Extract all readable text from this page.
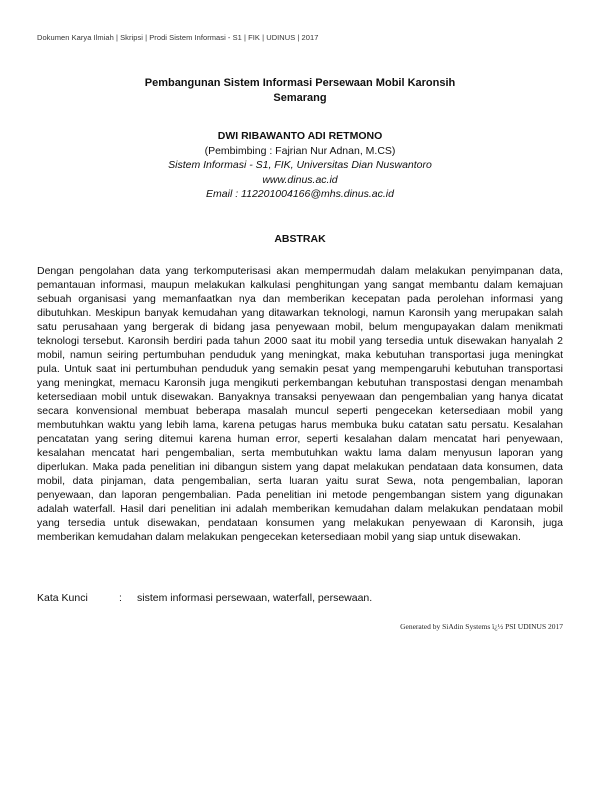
Dokumen Karya Ilmiah | Skripsi | Prodi Sistem Informasi - S1 | FIK | UDINUS | 2017
Pembangunan Sistem Informasi Persewaan Mobil Karonsih
Semarang
DWI RIBAWANTO ADI RETMONO
(Pembimbing : Fajrian Nur Adnan, M.CS)
Sistem Informasi - S1, FIK, Universitas Dian Nuswantoro
www.dinus.ac.id
Email : 112201004166@mhs.dinus.ac.id
ABSTRAK
Dengan pengolahan data yang terkomputerisasi akan mempermudah dalam melakukan penyimpanan data, pemantauan informasi, maupun melakukan kalkulasi penghitungan yang sangat membantu dalam kemajuan sebuah organisasi yang memanfaatkan nya dan memberikan kecepatan pada perolehan informasi yang dibutuhkan. Meskipun banyak kemudahan yang ditawarkan teknologi, namun Karonsih yang merupakan salah satu perusahaan yang bergerak di bidang jasa penyewaan mobil, belum mengupayakan dalam menikmati teknologi tersebut. Karonsih berdiri pada tahun 2000 saat itu mobil yang tersedia untuk disewakan hanyalah 2 mobil, namun seiring pertumbuhan penduduk yang meningkat, maka kebutuhan transportasi juga meningkat pula. Untuk saat ini pertumbuhan penduduk yang semakin pesat yang mempengaruhi kebutuhan transportasi yang meningkat, memacu Karonsih juga mengikuti perkembangan kebutuhan transpostasi dengan menambah ketersediaan mobil untuk disewakan. Banyaknya transaksi penyewaan dan pengembalian yang hanya dicatat secara konvensional membuat beberapa masalah muncul seperti pengecekan ketersediaan mobil yang membutuhkan waktu yang lebih lama, karena petugas harus membuka buku catatan satu persatu. Kesalahan pencatatan yang sering ditemui karena human error, seperti kesalahan dalam mencatat hari penyewaan, kesalahan mencatat hari pengembalian, serta membutuhkan waktu lama dalam menyusun laporan yang diperlukan. Maka pada penelitian ini dibangun sistem yang dapat melakukan pendataan data konsumen, data mobil, data pinjaman, data pengembalian, serta luaran yaitu surat Sewa, nota pengembalian, laporan penyewaan, dan laporan pengembalian. Pada penelitian ini metode pengembangan sistem yang digunakan adalah waterfall. Hasil dari penelitian ini adalah memberikan kemudahan dalam melakukan pendataan mobil yang tersedia untuk disewakan, pendataan konsumen yang melakukan penyewaan di Karonsih, juga memberikan kemudahan dalam melakukan pengecekan ketersediaan mobil yang siap untuk disewakan.
Kata Kunci	: sistem informasi persewaan, waterfall, persewaan.
Generated by SiAdin Systems ï¿½ PSI UDINUS 2017
